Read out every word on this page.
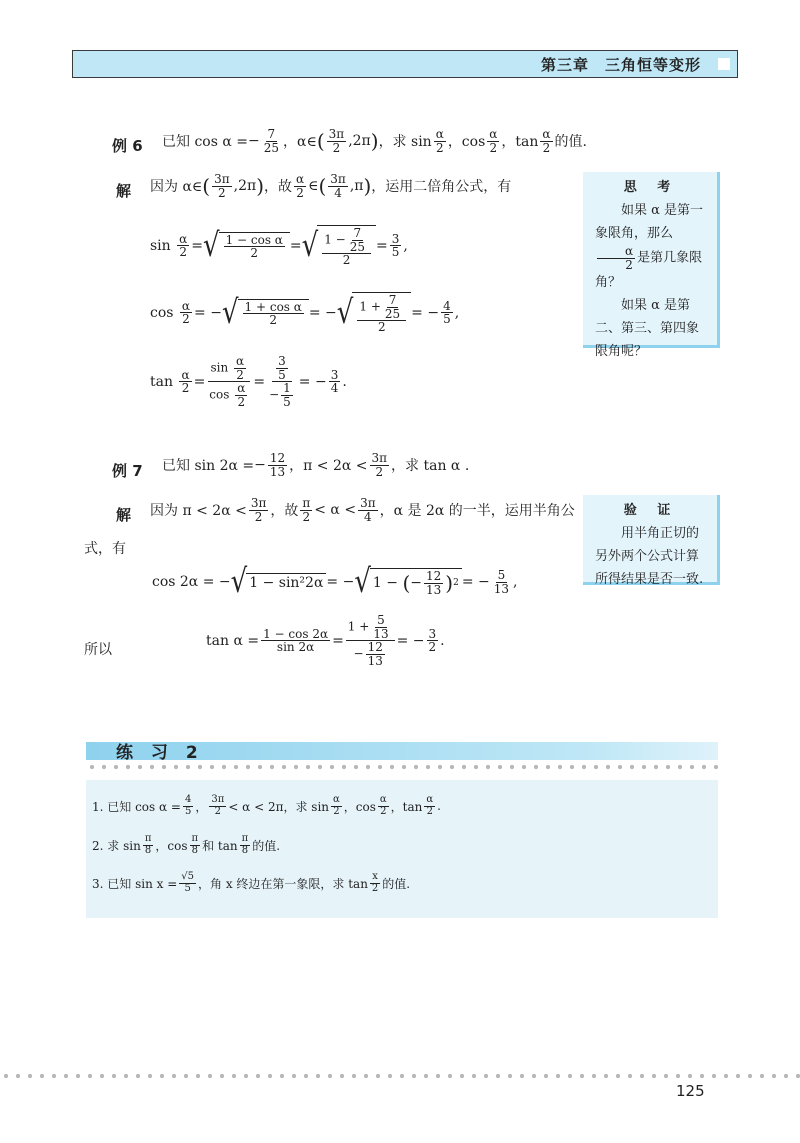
第三章　三角恒等变形
例 6 已知 cos α = − $\frac{7}{25}$ ，α∈ ( $\frac{3\pi}{2}$ , 2π ) ，求 $\sin \frac{\alpha}{2}$ ，$\cos \frac{\alpha}{2}$ ，$\tan \frac{\alpha}{2}$ 的值.
解 因为 α∈ ( $\frac{3\pi}{2}$ , 2π ) ，故 $\frac{\alpha}{2}$ ∈ ( $\frac{3\pi}{4}$ , π ) ，运用二倍角公式，有
sin
$\frac{\alpha}{2}$ = √ $\frac{\text{1 − cos α}}{2}$ = √ $\frac{1 - \frac{7}{25}}{2} = \frac{3}{5}$ ,
cos
$\frac{\alpha}{2}$ = − √ $\frac{\text{1 + cos α}}{2}$ = − √ $\frac{1 + \frac{7}{25}}{2}$ = − $\frac{4}{5}$ ,
tan
$\frac{\alpha}{2} = \frac{\sin \frac{\alpha}{2}}{\cos \frac{\alpha}{2}} = \frac{\frac{3}{5}}{- \frac{1}{5}}$ = − $\frac{3}{4}$ .
思 考

如果 α 是第一象限角，那么
$\frac{\alpha}{2}$ 是第几象限角？

如果 α 是第二、第三、第四象限角呢？

例 7 已知 sin 2α = − $\frac{12}{13}$ ，$\pi < 2\alpha < \frac{3\pi}{2}$ ，求 tan α .
解 因为 $\pi < 2\alpha < \frac{3\pi}{2}$ ，故 $\frac{\pi}{2} < \alpha < \frac{3\pi}{4}$ ，α 是 2α 的一半，运用半角公
式，有
cos 2α = − √ 1 − sin²2α = − √ 1 −
( − $\frac{12}{13}$ ) 2 = − $\frac{5}{13}$ ,
所以
$\tan \alpha = \frac{1 - \cos 2\alpha}{\sin 2\alpha} = \frac{1 + \frac{5}{13}}{- \frac{12}{13}}$ = − $\frac{3}{2}$ .
验 证

用半角正切的另外两个公式计算所得结果是否一致.

练 习 2
1. 已知 $\cos \alpha = \frac{4}{5}$ ， $\frac{3\pi}{2} < \alpha < 2\pi$，求 $\sin \frac{\alpha}{2}$ ，$\cos \frac{\alpha}{2}$ ，$\tan \frac{\alpha}{2}$ .
2. 求 $\sin \frac{\pi}{8}$ ，$\cos \frac{\pi}{8}$ 和 $\tan \frac{\pi}{8}$ 的值.
3. 已知 $\sin x = \frac{√5}{5}$ ，角 x 终边在第一象限，求 $\tan \frac{x}{2}$ 的值.
125
